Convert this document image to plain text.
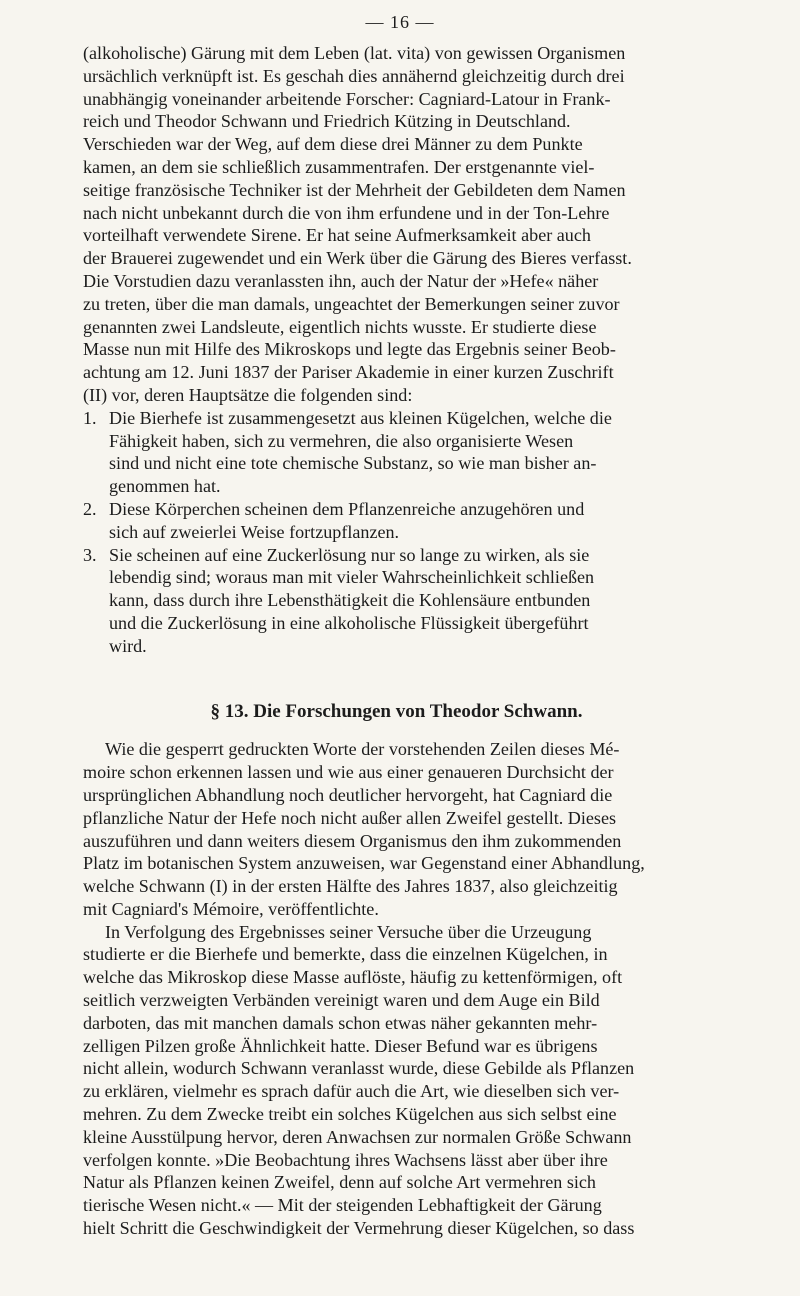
— 16 —
(alkoholische) Gärung mit dem Leben (lat. vita) von gewissen Organismen
ursächlich verknüpft ist. Es geschah dies annähernd gleichzeitig durch drei
unabhängig voneinander arbeitende Forscher: Cagniard-Latour in Frank-
reich und Theodor Schwann und Friedrich Kützing in Deutschland.
Verschieden war der Weg, auf dem diese drei Männer zu dem Punkte
kamen, an dem sie schließlich zusammentrafen. Der erstgenannte viel-
seitige französische Techniker ist der Mehrheit der Gebildeten dem Namen
nach nicht unbekannt durch die von ihm erfundene und in der Ton-Lehre
vorteilhaft verwendete Sirene. Er hat seine Aufmerksamkeit aber auch
der Brauerei zugewendet und ein Werk über die Gärung des Bieres verfasst.
Die Vorstudien dazu veranlassten ihn, auch der Natur der »Hefe« näher
zu treten, über die man damals, ungeachtet der Bemerkungen seiner zuvor
genannten zwei Landsleute, eigentlich nichts wusste. Er studierte diese
Masse nun mit Hilfe des Mikroskops und legte das Ergebnis seiner Beob-
achtung am 12. Juni 1837 der Pariser Akademie in einer kurzen Zuschrift
(II) vor, deren Hauptsätze die folgenden sind:
1. Die Bierhefe ist zusammengesetzt aus kleinen Kügelchen, welche die
Fähigkeit haben, sich zu vermehren, die also organisierte Wesen
sind und nicht eine tote chemische Substanz, so wie man bisher an-
genommen hat.
2. Diese Körperchen scheinen dem Pflanzenreiche anzugehören und
sich auf zweierlei Weise fortzupflanzen.
3. Sie scheinen auf eine Zuckerlösung nur so lange zu wirken, als sie
lebendig sind; woraus man mit vieler Wahrscheinlichkeit schließen
kann, dass durch ihre Lebensthätigkeit die Kohlensäure entbunden
und die Zuckerlösung in eine alkoholische Flüssigkeit übergeführt
wird.
§ 13. Die Forschungen von Theodor Schwann.
Wie die gesperrt gedruckten Worte der vorstehenden Zeilen dieses Mé-
moire schon erkennen lassen und wie aus einer genaueren Durchsicht der
ursprünglichen Abhandlung noch deutlicher hervorgeht, hat Cagniard die
pflanzliche Natur der Hefe noch nicht außer allen Zweifel gestellt. Dieses
auszuführen und dann weiters diesem Organismus den ihm zukommenden
Platz im botanischen System anzuweisen, war Gegenstand einer Abhandlung,
welche Schwann (I) in der ersten Hälfte des Jahres 1837, also gleichzeitig
mit Cagniard's Mémoire, veröffentlichte.
In Verfolgung des Ergebnisses seiner Versuche über die Urzeugung
studierte er die Bierhefe und bemerkte, dass die einzelnen Kügelchen, in
welche das Mikroskop diese Masse auflöste, häufig zu kettenförmigen, oft
seitlich verzweigten Verbänden vereinigt waren und dem Auge ein Bild
darboten, das mit manchen damals schon etwas näher gekannten mehr-
zelligen Pilzen große Ähnlichkeit hatte. Dieser Befund war es übrigens
nicht allein, wodurch Schwann veranlasst wurde, diese Gebilde als Pflanzen
zu erklären, vielmehr es sprach dafür auch die Art, wie dieselben sich ver-
mehren. Zu dem Zwecke treibt ein solches Kügelchen aus sich selbst eine
kleine Ausstülpung hervor, deren Anwachsen zur normalen Größe Schwann
verfolgen konnte. »Die Beobachtung ihres Wachsens lässt aber über ihre
Natur als Pflanzen keinen Zweifel, denn auf solche Art vermehren sich
tierische Wesen nicht.« — Mit der steigenden Lebhaftigkeit der Gärung
hielt Schritt die Geschwindigkeit der Vermehrung dieser Kügelchen, so dass
